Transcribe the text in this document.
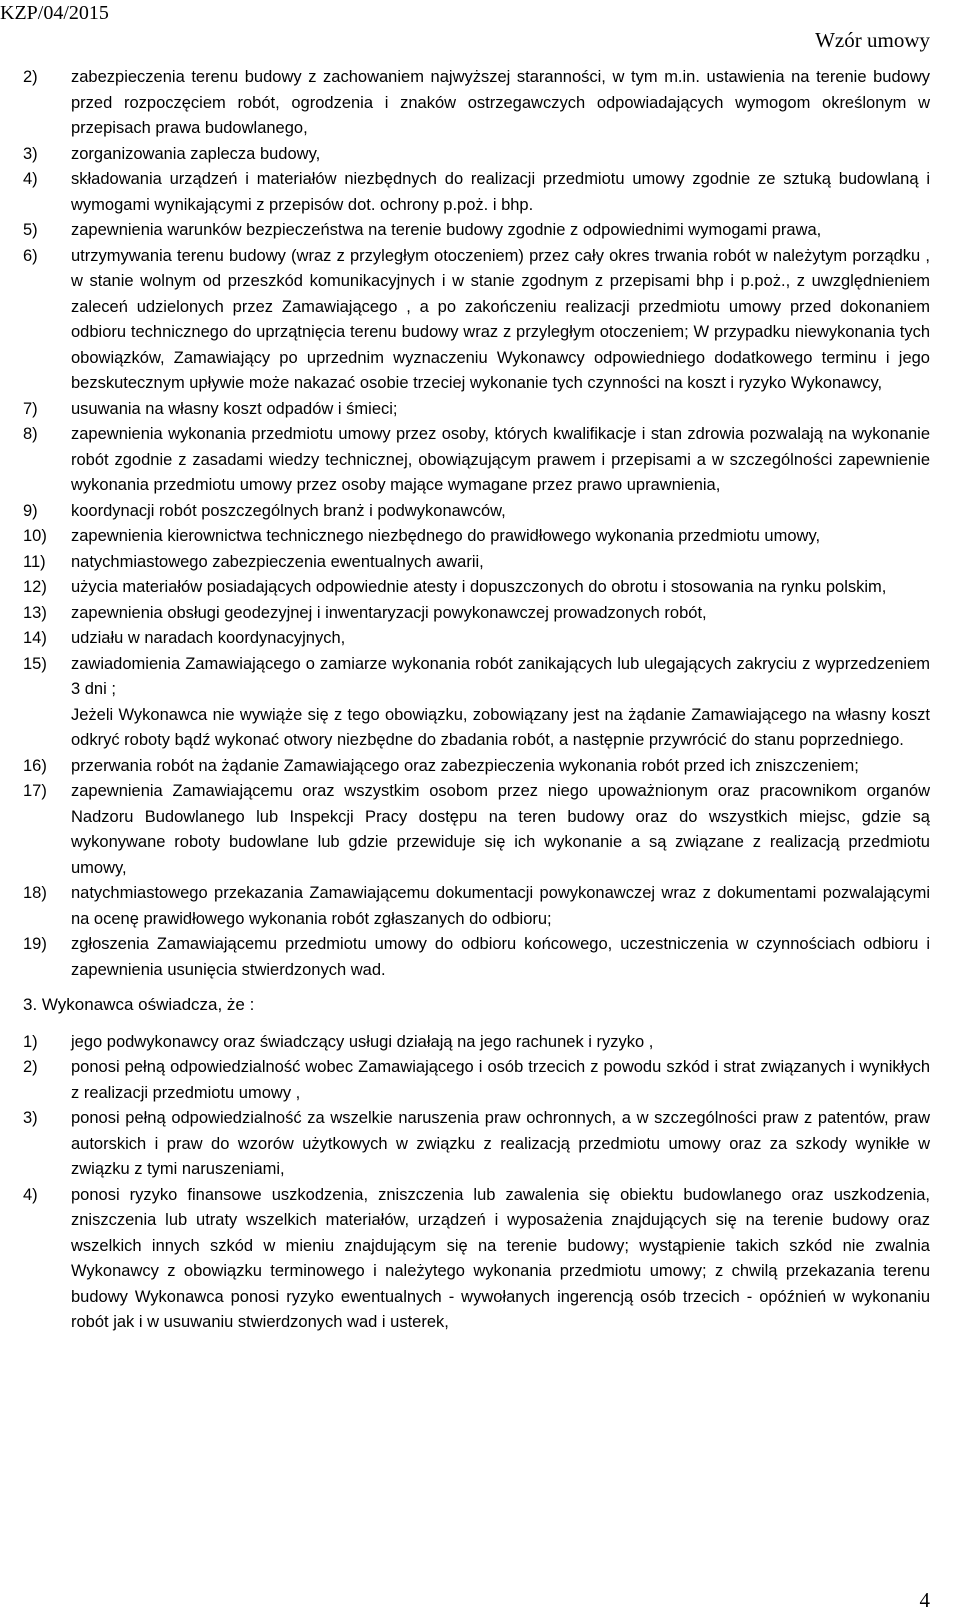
KZP/04/2015
Wzór umowy
2)	zabezpieczenia terenu budowy z zachowaniem najwyższej staranności, w tym m.in. ustawienia na terenie budowy przed rozpoczęciem robót, ogrodzenia i znaków ostrzegawczych odpowiadających wymogom określonym w przepisach prawa budowlanego,
3)	zorganizowania zaplecza budowy,
4)	składowania urządzeń i materiałów niezbędnych do realizacji przedmiotu umowy zgodnie ze sztuką budowlaną i wymogami wynikającymi z przepisów dot. ochrony p.poż. i bhp.
5)	zapewnienia warunków bezpieczeństwa na terenie budowy zgodnie z odpowiednimi wymogami prawa,
6)	utrzymywania terenu budowy (wraz z przyległym otoczeniem) przez cały okres trwania robót w należytym porządku , w stanie wolnym od przeszkód komunikacyjnych i w stanie zgodnym z przepisami bhp i p.poż., z uwzględnieniem zaleceń udzielonych przez Zamawiającego , a po zakończeniu realizacji przedmiotu umowy przed dokonaniem odbioru technicznego do uprzątnięcia terenu budowy wraz z przyległym otoczeniem; W przypadku niewykonania tych obowiązków, Zamawiający po uprzednim wyznaczeniu Wykonawcy odpowiedniego dodatkowego terminu i jego bezskutecznym upływie może nakazać osobie trzeciej wykonanie tych czynności na koszt i ryzyko Wykonawcy,
7)	usuwania na własny koszt odpadów i śmieci;
8)	zapewnienia wykonania przedmiotu umowy przez osoby, których kwalifikacje i stan zdrowia pozwalają na wykonanie robót zgodnie z zasadami wiedzy technicznej, obowiązującym prawem i przepisami a w szczególności zapewnienie wykonania przedmiotu umowy przez osoby mające wymagane przez prawo uprawnienia,
9)	koordynacji robót poszczególnych branż i podwykonawców,
10)	zapewnienia kierownictwa technicznego niezbędnego do prawidłowego wykonania przedmiotu umowy,
11)	natychmiastowego zabezpieczenia ewentualnych awarii,
12)	użycia materiałów posiadających odpowiednie atesty i dopuszczonych do obrotu i stosowania na rynku polskim,
13)	zapewnienia obsługi geodezyjnej i inwentaryzacji powykonawczej prowadzonych robót,
14)	udziału w naradach koordynacyjnych,
15)	zawiadomienia Zamawiającego o zamiarze wykonania robót zanikających lub ulegających zakryciu z wyprzedzeniem 3 dni ;
Jeżeli Wykonawca nie wywiąże się z tego obowiązku, zobowiązany jest na żądanie Zamawiającego na własny koszt odkryć roboty bądź wykonać otwory niezbędne do zbadania robót, a następnie przywrócić do stanu poprzedniego.
16)	przerwania robót na żądanie Zamawiającego oraz zabezpieczenia wykonania robót przed ich zniszczeniem;
17)	zapewnienia Zamawiającemu oraz wszystkim osobom przez niego upoważnionym oraz pracownikom organów Nadzoru Budowlanego lub Inspekcji Pracy dostępu na teren budowy oraz do wszystkich miejsc, gdzie są wykonywane roboty budowlane lub gdzie przewiduje się ich wykonanie a są związane z realizacją przedmiotu umowy,
18)	natychmiastowego przekazania Zamawiającemu dokumentacji powykonawczej wraz z dokumentami pozwalającymi na ocenę prawidłowego wykonania robót zgłaszanych do odbioru;
19)	zgłoszenia Zamawiającemu przedmiotu umowy do odbioru końcowego, uczestniczenia w czynnościach odbioru i zapewnienia usunięcia stwierdzonych wad.
3. Wykonawca oświadcza, że :
1)	jego podwykonawcy oraz świadczący usługi działają na jego rachunek i ryzyko ,
2)	ponosi pełną odpowiedzialność wobec Zamawiającego i osób trzecich z powodu szkód i strat związanych i wynikłych z realizacji przedmiotu umowy ,
3)	ponosi pełną odpowiedzialność za wszelkie naruszenia praw ochronnych, a w szczególności praw z patentów, praw autorskich i praw do wzorów użytkowych w związku z realizacją przedmiotu umowy oraz za szkody wynikłe w związku z tymi naruszeniami,
4)	ponosi ryzyko finansowe uszkodzenia, zniszczenia lub zawalenia się obiektu budowlanego oraz uszkodzenia, zniszczenia lub utraty wszelkich materiałów, urządzeń i wyposażenia znajdujących się na terenie budowy oraz wszelkich innych szkód w mieniu znajdującym się na terenie budowy; wystąpienie takich szkód nie zwalnia Wykonawcy z obowiązku terminowego i należytego wykonania przedmiotu umowy; z chwilą przekazania terenu budowy Wykonawca ponosi ryzyko ewentualnych - wywołanych ingerencją osób trzecich - opóźnień w wykonaniu robót jak i w usuwaniu stwierdzonych wad i usterek,
4
